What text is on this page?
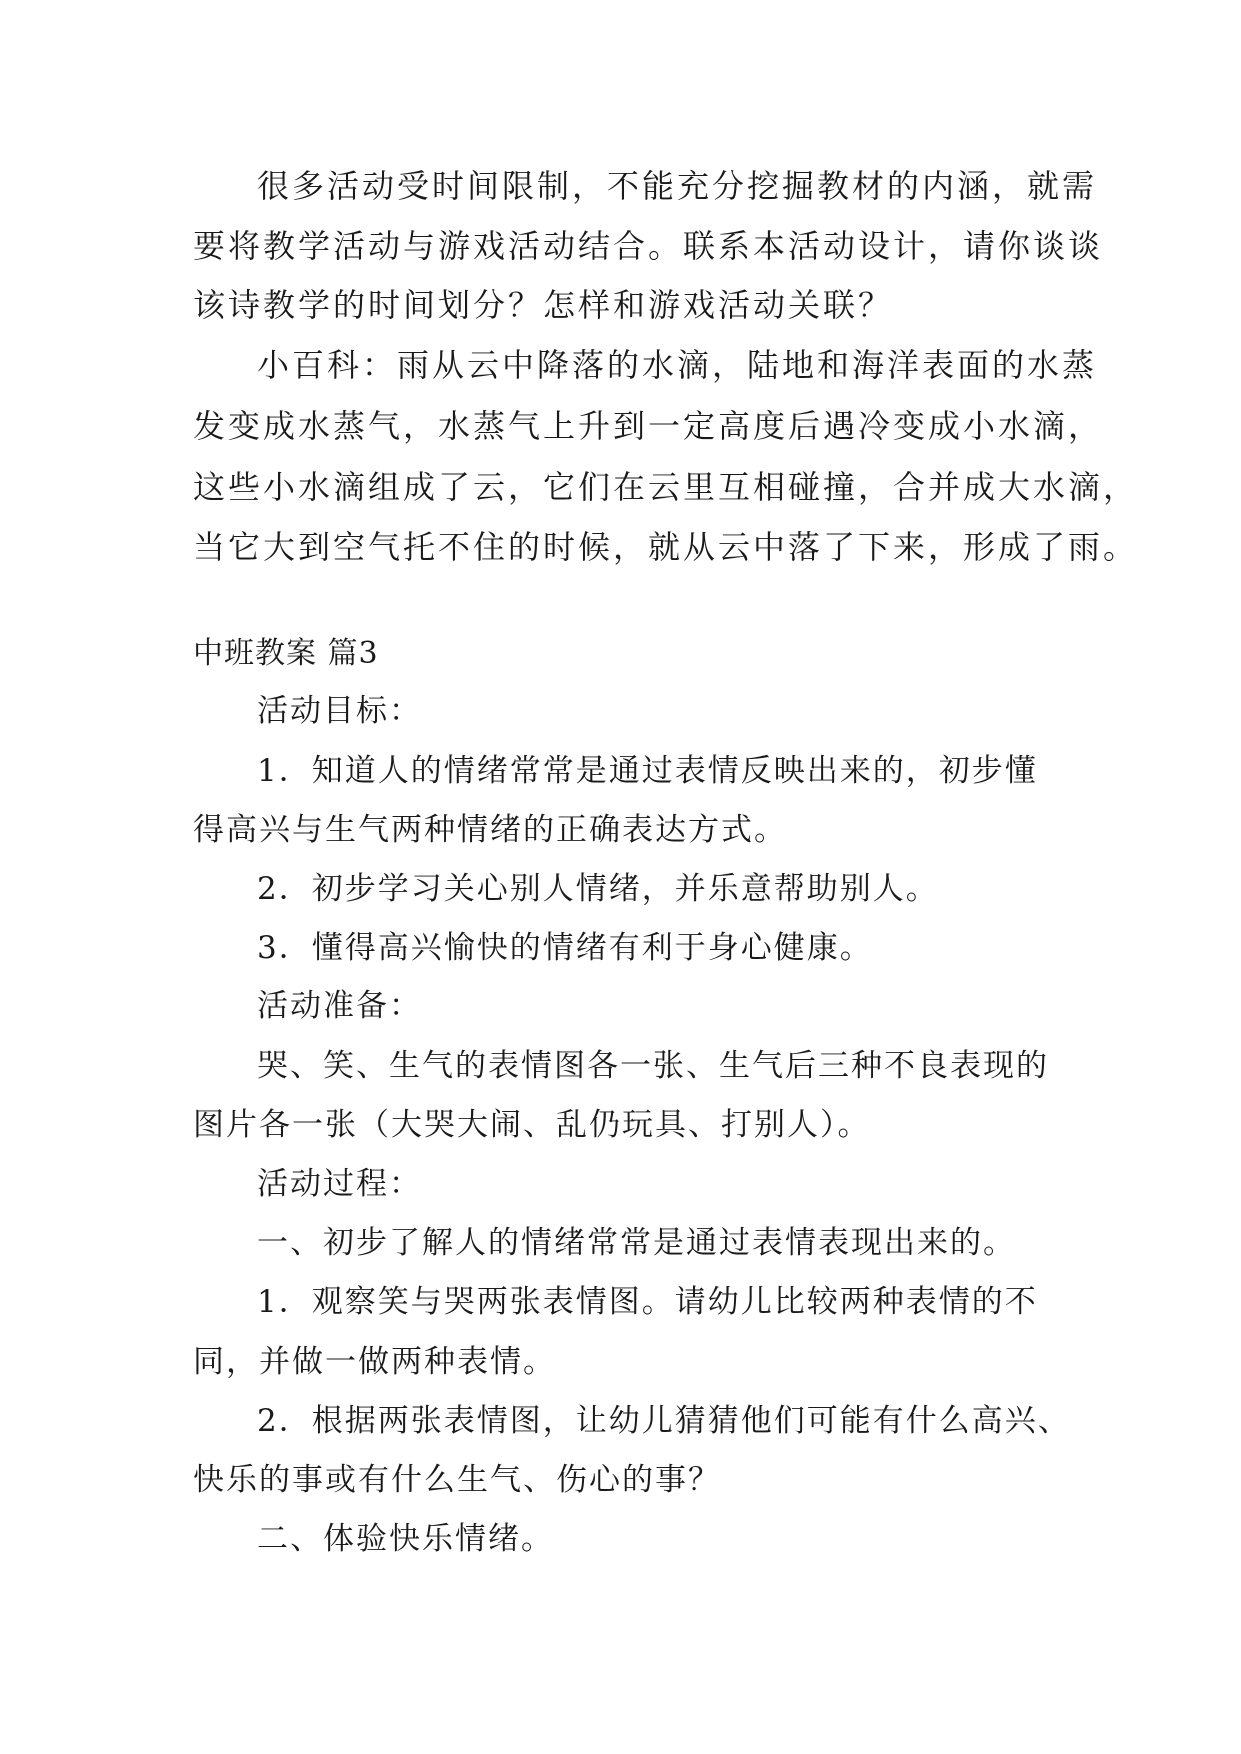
很多活动受时间限制，不能充分挖掘教材的内涵，就需
要将教学活动与游戏活动结合。联系本活动设计，请你谈谈
该诗教学的时间划分？怎样和游戏活动关联？
小百科：雨从云中降落的水滴，陆地和海洋表面的水蒸
发变成水蒸气，水蒸气上升到一定高度后遇冷变成小水滴，
这些小水滴组成了云，它们在云里互相碰撞，合并成大水滴，
当它大到空气托不住的时候，就从云中落了下来，形成了雨。
中班教案 篇3
活动目标：
1．知道人的情绪常常是通过表情反映出来的，初步懂
得高兴与生气两种情绪的正确表达方式。
2．初步学习关心别人情绪，并乐意帮助别人。
3．懂得高兴愉快的情绪有利于身心健康。
活动准备：
哭、笑、生气的表情图各一张、生气后三种不良表现的
图片各一张（大哭大闹、乱仍玩具、打别人）。
活动过程：
一、初步了解人的情绪常常是通过表情表现出来的。
1．观察笑与哭两张表情图。请幼儿比较两种表情的不
同，并做一做两种表情。
2．根据两张表情图，让幼儿猜猜他们可能有什么高兴、
快乐的事或有什么生气、伤心的事？
二、体验快乐情绪。
